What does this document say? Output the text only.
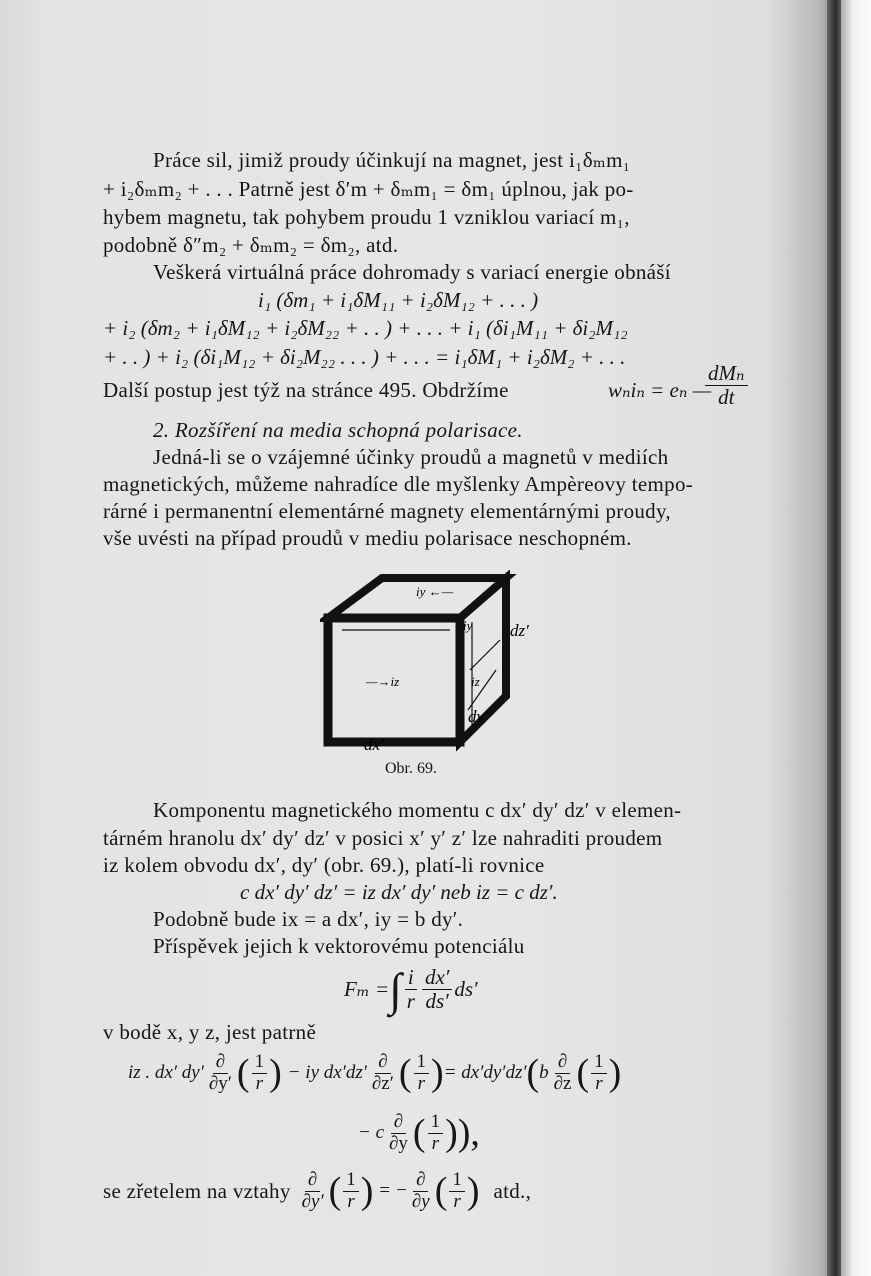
Práce sil, jimiž proudy účinkují na magnet, jest i₁δₘm₁
+ i₂δₘm₂ + . . . Patrně jest δ′m + δₘm₁ = δm₁ úplnou, jak po-
hybem magnetu, tak pohybem proudu 1 vzniklou variací m₁,
podobně δ″m₂ + δₘm₂ = δm₂, atd.
Veškerá virtuálná práce dohromady s variací energie obnáší
i₁ (δm₁ + i₁δM₁₁ + i₂δM₁₂ + . . . )
+ i₂ (δm₂ + i₁δM₁₂ + i₂δM₂₂ + . . ) + . . . + i₁ (δi₁M₁₁ + δi₂M₁₂
+ . . ) + i₂ (δi₁M₁₂ + δi₂M₂₂ . . . ) + . . . = i₁δM₁ + i₂δM₂ + . . .
Další postup jest týž na stránce 495. Obdržíme	wₙiₙ = eₙ —
$\frac{\text{dMₙ}}{dt}$
2. Rozšíření na media schopná polarisace.
Jedná-li se o vzájemné účinky proudů a magnetů v mediích
magnetických, můžeme nahradíce dle myšlenky Ampèreovy tempo-
rárné i permanentní elementárné magnety elementárnými proudy,
vše uvésti na případ proudů v mediu polarisace neschopném.
iy ←—
iy
—→iz	iz
dz′
dy′
dx′
Obr. 69.
Komponentu magnetického momentu c dx′ dy′ dz′ v elemen-
tárném hranolu dx′ dy′ dz′ v posici x′ y′ z′ lze nahraditi proudem
iz kolem obvodu dx′, dy′ (obr. 69.), platí-li rovnice
c dx′ dy′ dz′ = iz dx′ dy′ neb iz = c dz′.
Podobně bude ix = a dx′, iy = b dy′.
Příspěvek jejich k vektorovému potenciálu
Fₘ = ∫ $\frac{i}{r} \frac{dx'}{ds'} ds'$
v bodě x, y z, jest patrně
iz . dx′ $dy' \frac{\partial}{\partial y'}$ ( $\frac{1}{r}$ ) − iy $dx'dz' \frac{\partial}{\partial z'}$ ( $\frac{1}{r}$ ) = dx′dy′dz′ ( b $\frac{\partial}{\partial z}$ ( $\frac{1}{r}$ )
− c $\frac{\partial}{\partial y}$ ( $\frac{1}{r}$ )),
se zřetelem na vztahy $\frac{\partial}{\partial y'}$ ( $\frac{1}{r}$ ) = − $\frac{\partial}{\partial y}$ ( $\frac{1}{r}$ ) atd.,
